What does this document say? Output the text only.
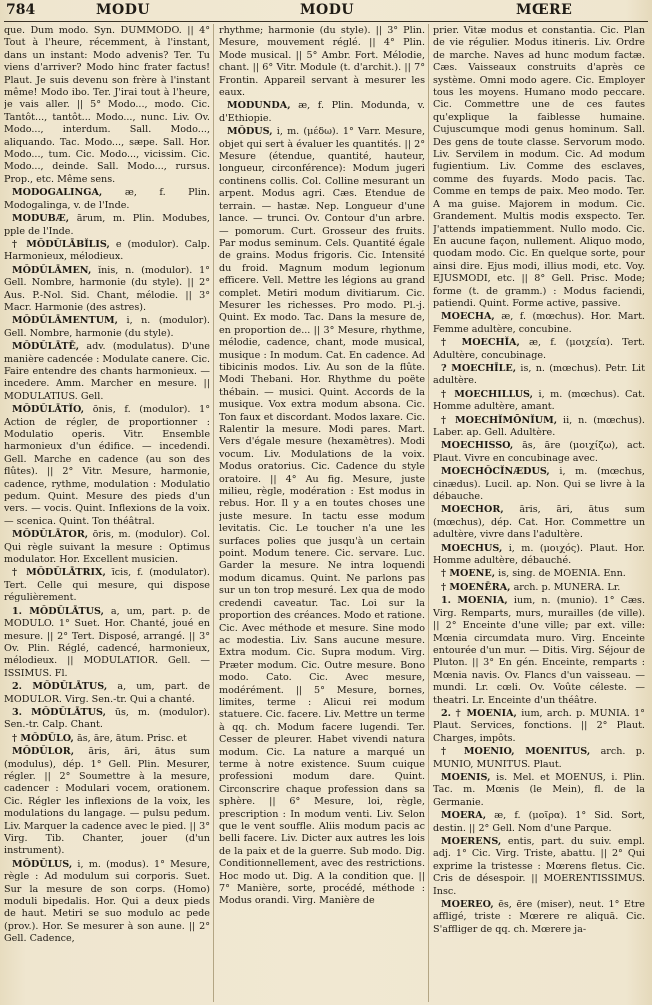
784	MODU	MODU	MŒRE

que. Dum modo. Syn. DUMMODO. || 4° Tout à l'heure, récemment, à l'instant, dans un instant: Modo advenis? Ter. Tu viens d'arriver? Modo hinc frater factus! Plaut. Je suis devenu son frère à l'instant même! Modo ibo. Ter. J'irai tout à l'heure, je vais aller. || 5° Modo..., modo. Cic. Tantôt..., tantôt... Modo..., nunc. Liv. Ov. Modo..., interdum. Sall. Modo..., aliquando. Tac. Modo..., sæpe. Sall. Hor. Modo..., tum. Cic. Modo..., vicissim. Cic. Modo..., deinde. Sall. Modo..., rursus. Prop., etc. Même sens.

MODOGALINGA, æ, f. Plin. Modogalinga, v. de l'Inde.

MODUBÆ, ārum, m. Plin. Modubes, pple de l'Inde.

† MŎDŬLĀBĬLIS, e (modulor). Calp. Harmonieux, mélodieux.

MŎDŬLĀMEN, ĭnis, n. (modulor). 1° Gell. Nombre, harmonie (du style). || 2° Aus. P.-Nol. Sid. Chant, mélodie. || 3° Macr. Harmonie (des astres).

MŎDŬLĀMENTUM, i, n. (modulor). Gell. Nombre, harmonie (du style).

MŎDŬLĀTĒ, adv. (modulatus). D'une manière cadencée : Modulate canere. Cic. Faire entendre des chants harmonieux. — incedere. Amm. Marcher en mesure. || MODULATIUS. Gell.

MŎDŬLĀTĬO, ōnis, f. (modulor). 1° Action de régler, de proportionner : Modulatio operis. Vitr. Ensemble harmonieux d'un édifice. — incedendi. Gell. Marche en cadence (au son des flûtes). || 2° Vitr. Mesure, harmonie, cadence, rythme, modulation : Modulatio pedum. Quint. Mesure des pieds d'un vers. — vocis. Quint. Inflexions de la voix. — scenica. Quint. Ton théâtral.

MŎDŬLĀTOR, ōris, m. (modulor). Col. Qui règle suivant la mesure : Optimus modulator. Hor. Excellent musicien.

† MŎDŬLĀTRIX, īcis, f. (modulator). Tert. Celle qui mesure, qui dispose régulièrement.

1. MŎDŬLĀTUS, a, um, part. p. de MODULO. 1° Suet. Hor. Chanté, joué en mesure. || 2° Tert. Disposé, arrangé. || 3° Ov. Plin. Réglé, cadencé, harmonieux, mélodieux. || MODULATIOR. Gell. — ISSIMUS. Fl.

2. MŎDŬLĀTUS, a, um, part. de MODULOR. Virg. Sen.-tr. Qui a chanté.

3. MŎDŬLĀTUS, ūs, m. (modulor). Sen.-tr. Calp. Chant.

† MŎDŬLO, ās, āre, ātum. Prisc. et

MŎDŬLOR, āris, āri, ātus sum (modulus), dép. 1° Gell. Plin. Mesurer, régler. || 2° Soumettre à la mesure, cadencer : Modulari vocem, orationem. Cic. Régler les inflexions de la voix, les modulations du langage. — pulsu pedum. Liv. Marquer la cadence avec le pied. || 3° Virg. Tib. Chanter, jouer (d'un instrument).

MŎDŬLUS, i, m. (modus). 1° Mesure, règle : Ad modulum sui corporis. Suet. Sur la mesure de son corps. (Homo) moduli bipedalis. Hor. Qui a deux pieds de haut. Metiri se suo modulo ac pede (prov.). Hor. Se mesurer à son aune. || 2° Gell. Cadence,

rhythme; harmonie (du style). || 3° Plin. Mesure, mouvement réglé. || 4° Plin. Mode musical. || 5° Ambr. Fort. Mélodie, chant. || 6° Vitr. Module (t. d'archit.). || 7° Frontin. Appareil servant à mesurer les eaux.

MODUNDA, æ, f. Plin. Modunda, v. d'Ethiopie.

MŎDUS, i, m. (μέδω). 1° Varr. Mesure, objet qui sert à évaluer les quantités. || 2° Mesure (étendue, quantité, hauteur, longueur, circonférence): Modum jugeri continens collis. Col. Colline mesurant un arpent. Modus agri. Cæs. Etendue de terrain. — hastæ. Nep. Longueur d'une lance. — trunci. Ov. Contour d'un arbre. — pomorum. Curt. Grosseur des fruits. Par modus seminum. Cels. Quantité égale de grains. Modus frigoris. Cic. Intensité du froid. Magnum modum legionum efficere. Vell. Mettre les légions au grand complet. Metiri modum divitiarum. Cic. Mesurer les richesses. Pro modo. Pl.-j. Quint. Ex modo. Tac. Dans la mesure de, en proportion de... || 3° Mesure, rhythme, mélodie, cadence, chant, mode musical, musique : In modum. Cat. En cadence. Ad tibicinis modos. Liv. Au son de la flûte. Modi Thebani. Hor. Rhythme du poëte thébain. — musici. Quint. Accords de la musique. Vox extra modum absona. Cic. Ton faux et discordant. Modos laxare. Cic. Ralentir la mesure. Modi pares. Mart. Vers d'égale mesure (hexamètres). Modi vocum. Liv. Modulations de la voix. Modus oratorius. Cic. Cadence du style oratoire. || 4° Au fig. Mesure, juste milieu, règle, modération : Est modus in rebus. Hor. Il y a en toutes choses une juste mesure. In tactu esse modum levitatis. Cic. Le toucher n'a une les surfaces polies que jusqu'à un certain point. Modum tenere. Cic. servare. Luc. Garder la mesure. Ne intra loquendi modum dicamus. Quint. Ne parlons pas sur un ton trop mesuré. Lex qua de modo credendi caveatur. Tac. Loi sur la proportion des créances. Modo et ratione. Cic. Avec méthode et mesure. Sine modo ac modestia. Liv. Sans aucune mesure. Extra modum. Cic. Supra modum. Virg. Præter modum. Cic. Outre mesure. Bono modo. Cato. Cic. Avec mesure, modérément. || 5° Mesure, bornes, limites, terme : Alicui rei modum statuere. Cic. facere. Liv. Mettre un terme à qq. ch. Modum facere lugendi. Ter. Cesser de pleurer. Habet vivendi natura modum. Cic. La nature a marqué un terme à notre existence. Suum cuique professioni modum dare. Quint. Circonscrire chaque profession dans sa sphère. || 6° Mesure, loi, règle, prescription : In modum venti. Liv. Selon que le vent souffle. Aliis modum pacis ac belli facere. Liv. Dicter aux autres les lois de la paix et de la guerre. Sub modo. Dig. Conditionnellement, avec des restrictions. Hoc modo ut. Dig. A la condition que. || 7° Manière, sorte, procédé, méthode : Modus orandi. Virg. Manière de

prier. Vitæ modus et constantia. Cic. Plan de vie régulier. Modus itineris. Liv. Ordre de marche. Naves ad hunc modum factæ. Cæs. Vaisseaux construits d'après ce système. Omni modo agere. Cic. Employer tous les moyens. Humano modo peccare. Cic. Commettre une de ces fautes qu'explique la faiblesse humaine. Cujuscumque modi genus hominum. Sall. Des gens de toute classe. Servorum modo. Liv. Servilem in modum. Cic. Ad modum fugientium. Liv. Comme des esclaves, comme des fuyards. Modo pacis. Tac. Comme en temps de paix. Meo modo. Ter. A ma guise. Majorem in modum. Cic. Grandement. Multis modis exspecto. Ter. J'attends impatiemment. Nullo modo. Cic. En aucune façon, nullement. Aliquo modo, quodam modo. Cic. En quelque sorte, pour ainsi dire. Ejus modi, illius modi, etc. Voy. EJUSMODI, etc. || 8° Gell. Prisc. Mode; forme (t. de gramm.) : Modus faciendi, patiendi. Quint. Forme active, passive.

MOECHA, æ, f. (mœchus). Hor. Mart. Femme adultère, concubine.

† MOECHĬA, æ, f. (μοιχεία). Tert. Adultère, concubinage.

? MOECHĪLE, is, n. (mœchus). Petr. Lit adultère.

† MOECHILLUS, i, m. (mœchus). Cat. Homme adultère, amant.

† MOECHĬMŌNĬUM, ii, n. (mœchus). Laber. ap. Gell. Adultère.

MOECHISSO, ās, āre (μοιχίζω), act. Plaut. Vivre en concubinage avec.

MOECHŎCĬNÆDUS, i, m. (mœchus, cinædus). Lucil. ap. Non. Qui se livre à la débauche.

MOECHOR, āris, āri, ātus sum (mœchus), dép. Cat. Hor. Commettre un adultère, vivre dans l'adultère.

MOECHUS, i, m. (μοιχός). Plaut. Hor. Homme adultère, débauché.

† MOENE, is, sing. de MOENIA. Enn.

† MOENĒRA, arch. p. MUNERA. Lr.

1. MOENIA, ium, n. (munio). 1° Cæs. Virg. Remparts, murs, murailles (de ville). || 2° Enceinte d'une ville; par ext. ville: Mœnia circumdata muro. Virg. Enceinte entourée d'un mur. — Ditis. Virg. Séjour de Pluton. || 3° En gén. Enceinte, remparts : Mœnia navis. Ov. Flancs d'un vaisseau. — mundi. Lr. cœli. Ov. Voûte céleste. — theatri. Lr. Enceinte d'un théâtre.

2. † MOENIA, ium, arch. p. MUNIA. 1° Plaut. Services, fonctions. || 2° Plaut. Charges, impôts.

† MOENIO, MOENITUS, arch. p. MUNIO, MUNITUS. Plaut.

MOENIS, is. Mel. et MOENUS, i. Plin. Tac. m. Mœnis (le Mein), fl. de la Germanie.

MOERA, æ, f. (μοῖρα). 1° Sid. Sort, destin. || 2° Gell. Nom d'une Parque.

MOERENS, entis, part. du suiv. empl. adj. 1° Cic. Virg. Triste, abattu. || 2° Qui exprime la tristesse : Mœrens fletus. Cic. Cris de désespoir. || MOERENTISSIMUS. Insc.

MOEREO, ēs, ēre (miser), neut. 1° Etre affligé, triste : Mœrere re aliquā. Cic. S'affliger de qq. ch. Mœrere ja-
